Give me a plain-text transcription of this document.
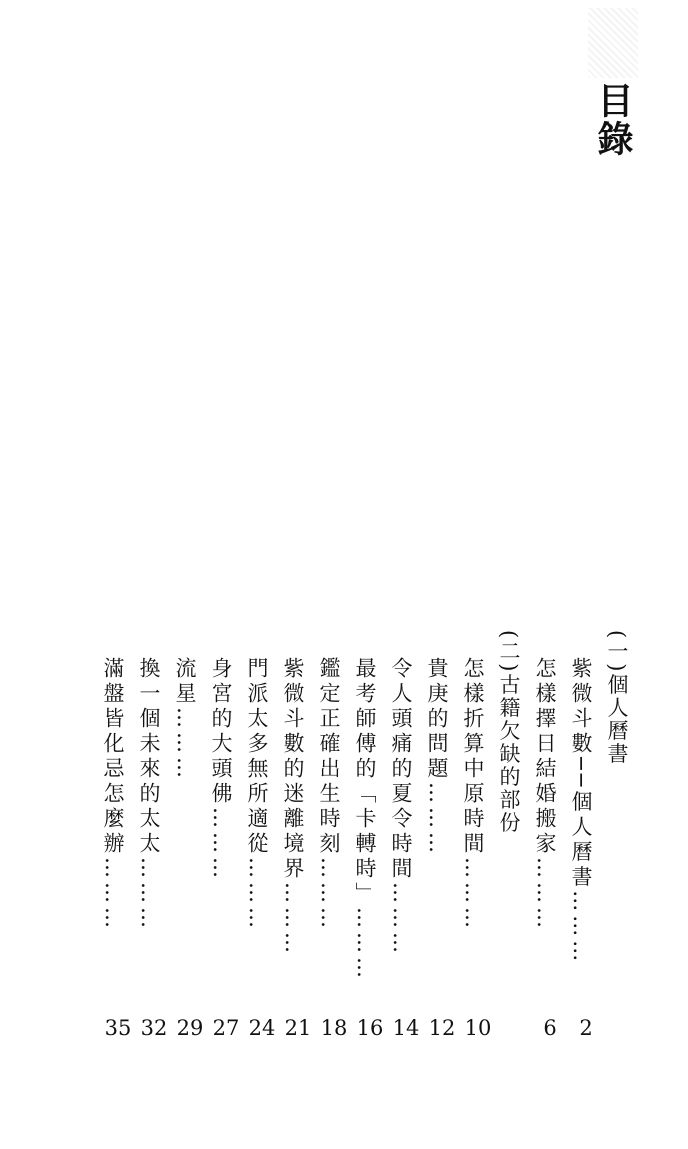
目錄
(一)個人曆書
紫微斗數──個人曆書………
2
怎樣擇日結婚搬家………
6
(二)古籍欠缺的部份
怎樣折算中原時間………
10
貴庚的問題………
12
令人頭痛的夏令時間………
14
最考師傅的「卡𨍭時」………
16
鑑定正確出生時刻………
18
紫微斗數的迷離境界………
21
門派太多無所適從………
24
身宮的大頭佛………
27
流星………
29
換一個未來的太太………
32
滿盤皆化忌怎麼辦………
35
